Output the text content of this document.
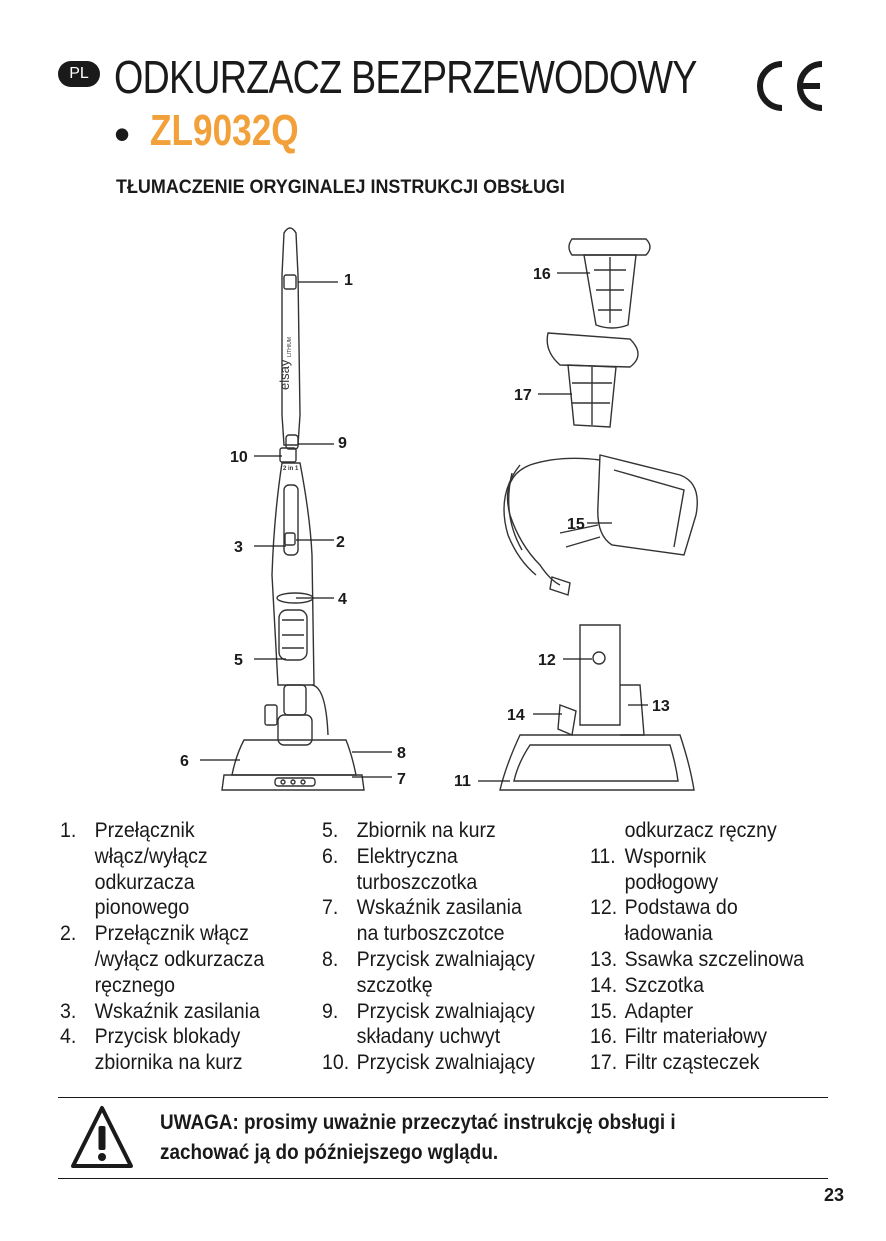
PL ODKURZACZ BEZPRZEWODOWY
• ZL9032Q
TŁUMACZENIE ORYGINALEJ INSTRUKCJI OBSŁUGI
elsay
LITHIUM
2 in 1
1
2
3
4
5
6
7
8
9
10
11
12
13
14
15
16
17
1. Przełącznik
włącz/wyłącz
odkurzacza
pionowego
2. Przełącznik włącz
/wyłącz odkurzacza
ręcznego
3. Wskaźnik zasilania
4. Przycisk blokady
zbiornika na kurz
5. Zbiornik na kurz
6. Elektryczna
turboszczotka
7. Wskaźnik zasilania
na turboszczotce
8. Przycisk zwalniający
szczotkę
9. Przycisk zwalniający
składany uchwyt
10. Przycisk zwalniający
odkurzacz ręczny
11. Wspornik
podłogowy
12. Podstawa do
ładowania
13. Ssawka szczelinowa
14. Szczotka
15. Adapter
16. Filtr materiałowy
17. Filtr cząsteczek
UWAGA: prosimy uważnie przeczytać instrukcję obsługi i
zachować ją do późniejszego wglądu.
23
